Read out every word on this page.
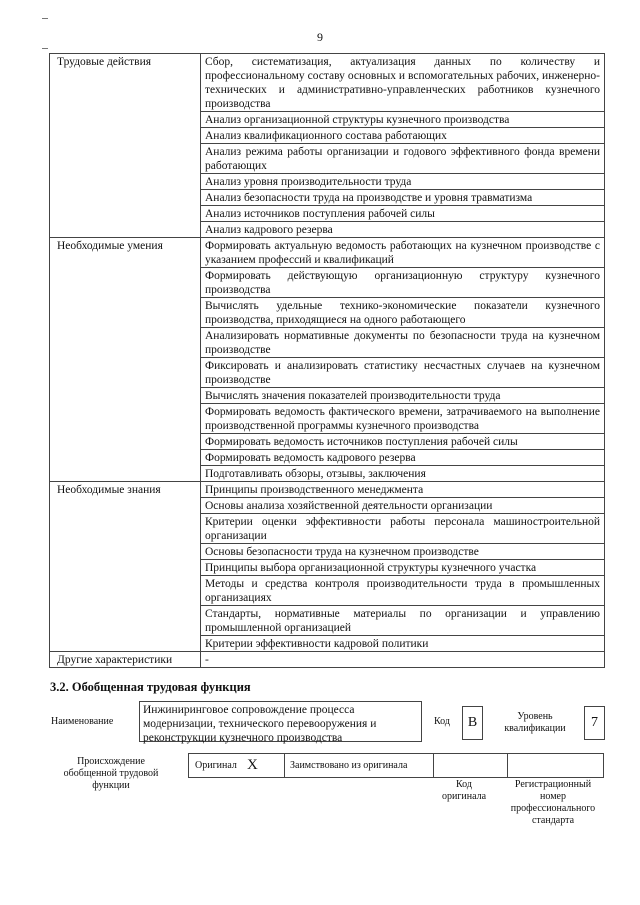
9
Трудовые действия	Сбор, систематизация, актуализация данных по количеству и профессиональному составу основных и вспомогательных рабочих, инженерно-технических и административно-управленческих работников кузнечного производства
	Анализ организационной структуры кузнечного производства
	Анализ квалификационного состава работающих
	Анализ режима работы организации и годового эффективного фонда времени работающих
	Анализ уровня производительности труда
	Анализ безопасности труда на производстве и уровня травматизма
	Анализ источников поступления рабочей силы
	Анализ кадрового резерва
Необходимые умения	Формировать актуальную ведомость работающих на кузнечном производстве с указанием профессий и квалификаций
	Формировать действующую организационную структуру кузнечного производства
	Вычислять удельные технико-экономические показатели кузнечного производства, приходящиеся на одного работающего
	Анализировать нормативные документы по безопасности труда на кузнечном производстве
	Фиксировать и анализировать статистику несчастных случаев на кузнечном производстве
	Вычислять значения показателей производительности труда
	Формировать ведомость фактического времени, затрачиваемого на выполнение производственной программы кузнечного производства
	Формировать ведомость источников поступления рабочей силы
	Формировать ведомость кадрового резерва
	Подготавливать обзоры, отзывы, заключения
Необходимые знания	Принципы производственного менеджмента
	Основы анализа хозяйственной деятельности организации
	Критерии оценки эффективности работы персонала машиностроительной организации
	Основы безопасности труда на кузнечном производстве
	Принципы выбора организационной структуры кузнечного участка
	Методы и средства контроля производительности труда в промышленных организациях
	Стандарты, нормативные материалы по организации и управлению промышленной организацией
	Критерии эффективности кадровой политики
Другие характеристики	-
3.2. Обобщенная трудовая функция
Наименование
Инжиниринговое сопровождение процесса модернизации, технического перевооружения и реконструкции кузнечного производства
Код	B	Уровень квалификации	7
Происхождение обобщенной трудовой функции
Оригинал X	Заимствовано из оригинала
Код оригинала
Регистрационный номер профессионального стандарта
